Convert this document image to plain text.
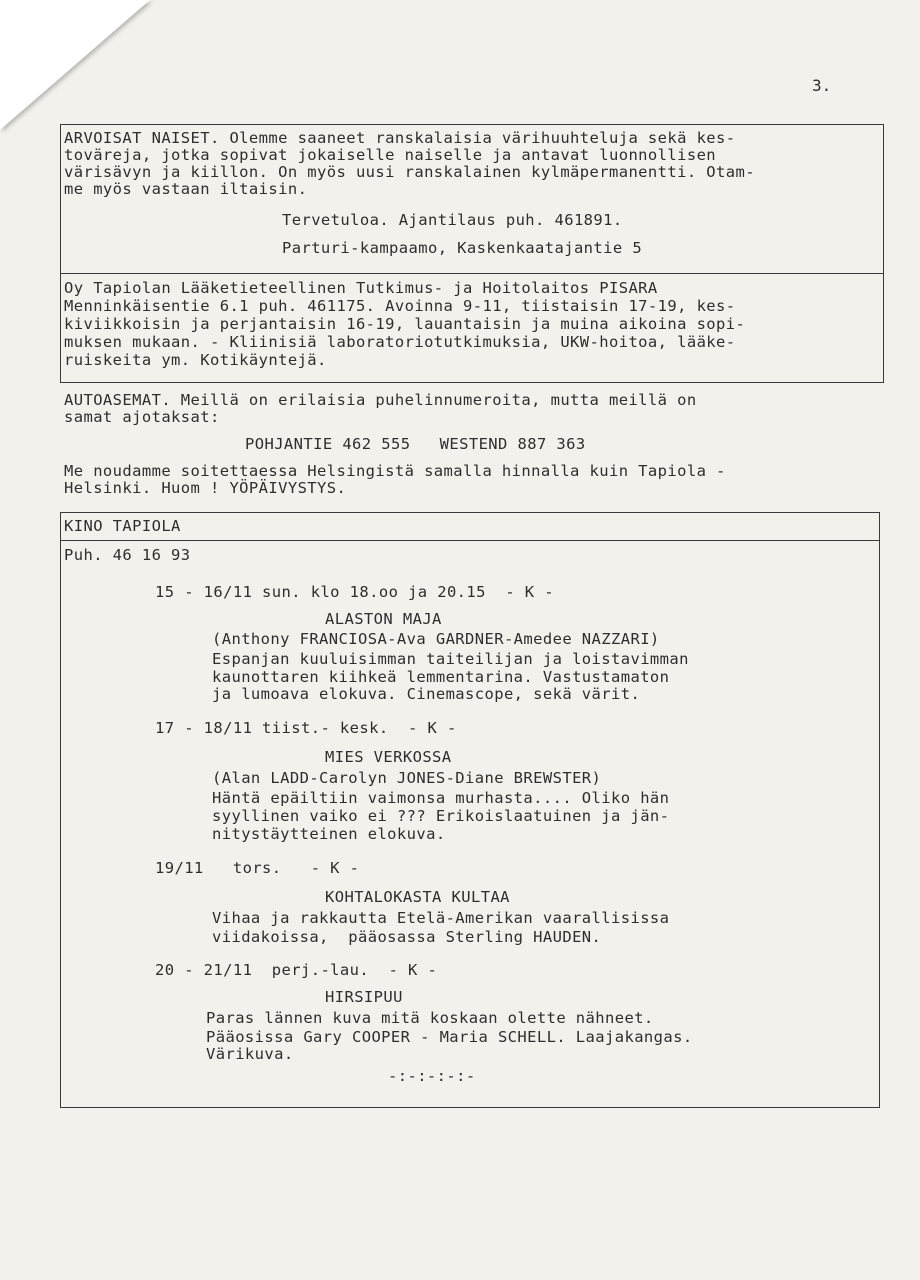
3.
ARVOISAT NAISET. Olemme saaneet ranskalaisia värihuuhteluja sekä kes-
toväreja, jotka sopivat jokaiselle naiselle ja antavat luonnollisen
värisävyn ja kiillon. On myös uusi ranskalainen kylmäpermanentti. Otam-
me myös vastaan iltaisin.
Tervetuloa. Ajantilaus puh. 461891.
Parturi-kampaamo, Kaskenkaatajantie 5
Oy Tapiolan Lääketieteellinen Tutkimus- ja Hoitolaitos PISARA
Menninkäisentie 6.1 puh. 461175. Avoinna 9-11, tiistaisin 17-19, kes-
kiviikkoisin ja perjantaisin 16-19, lauantaisin ja muina aikoina sopi-
muksen mukaan. - Kliinisiä laboratoriotutkimuksia, UKW-hoitoa, lääke-
ruiskeita ym. Kotikäyntejä.
AUTOASEMAT. Meillä on erilaisia puhelinnumeroita, mutta meillä on
samat ajotaksat:
POHJANTIE 462 555   WESTEND 887 363
Me noudamme soitettaessa Helsingistä samalla hinnalla kuin Tapiola -
Helsinki. Huom ! YÖPÄIVYSTYS.
KINO TAPIOLA
Puh. 46 16 93
15 - 16/11 sun. klo 18.oo ja 20.15  - K -
ALASTON MAJA
(Anthony FRANCIOSA-Ava GARDNER-Amedee NAZZARI)
Espanjan kuuluisimman taiteilijan ja loistavimman
kaunottaren kiihkeä lemmentarina. Vastustamaton
ja lumoava elokuva. Cinemascope, sekä värit.
17 - 18/11 tiist.- kesk.  - K -
MIES VERKOSSA
(Alan LADD-Carolyn JONES-Diane BREWSTER)
Häntä epäiltiin vaimonsa murhasta.... Oliko hän
syyllinen vaiko ei ??? Erikoislaatuinen ja jän-
nitystäytteinen elokuva.
19/11   tors.   - K -
KOHTALOKASTA KULTAA
Vihaa ja rakkautta Etelä-Amerikan vaarallisissa
viidakoissa,  pääosassa Sterling HAUDEN.
20 - 21/11  perj.-lau.  - K -
HIRSIPUU
Paras lännen kuva mitä koskaan olette nähneet.
Pääosissa Gary COOPER - Maria SCHELL. Laajakangas.
Värikuva.
-:-:-:-:-
